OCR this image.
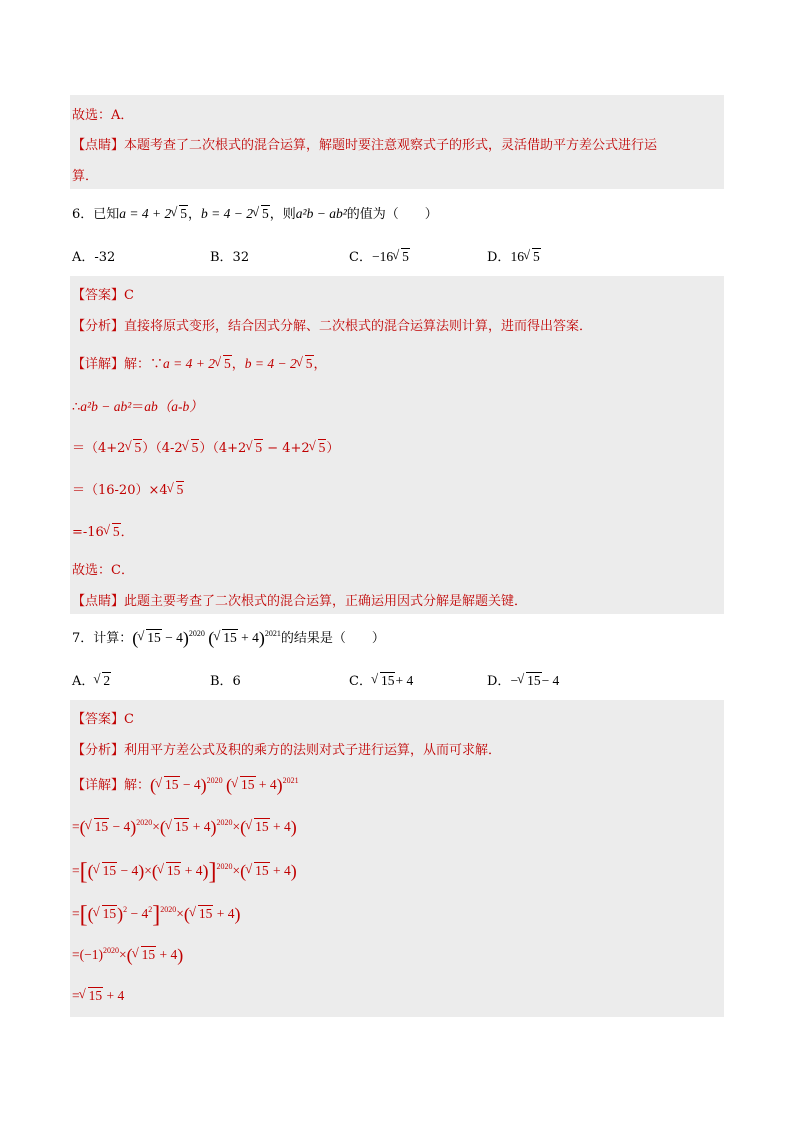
故选：A．
【点睛】本题考查了二次根式的混合运算，解题时要注意观察式子的形式，灵活借助平方差公式进行运
算．
6．已知a = 4 + 2√ 5，b = 4 − 2√ 5，则a²b − ab²的值为（　　）
A．-32	B．32	C．−16√ 5	D．16√ 5
【答案】C
【分析】直接将原式变形，结合因式分解、二次根式的混合运算法则计算，进而得出答案．
【详解】解：∵a = 4 + 2√ 5，b = 4 − 2√ 5，
∴a²b − ab²＝ab（a-b）
＝（4+2√ 5）（4-2√ 5）（4+2√ 5 − 4+2√ 5）
＝（16-20）×4√ 5
=-16√ 5．
故选：C．
【点睛】此题主要考查了二次根式的混合运算，正确运用因式分解是解题关键．
7．计算：(√ 15 − 4)$^{2020}$ (√ 15 + 4)$^{2021}$的结果是（　　）
A．√ 2	B．6	C．√ 15+ 4	D．−√ 15− 4
【答案】C
【分析】利用平方差公式及积的乘方的法则对式子进行运算，从而可求解．
【详解】解：(√ 15 − 4)$^{2020}$ (√ 15 + 4)$^{2021}$
=(√ 15 − 4)$^{2020}$×(√ 15 + 4)$^{2020}$×(√ 15 + 4)
=[(√ 15 − 4)×(√ 15 + 4)]$^{2020}$×(√ 15 + 4)
=[(√ $15)^2 - 4^2]^{2020}\times(√$ 15 + 4)
$=(-1)^{2020}\times(√$ 15 + 4)
=√ 15 + 4
